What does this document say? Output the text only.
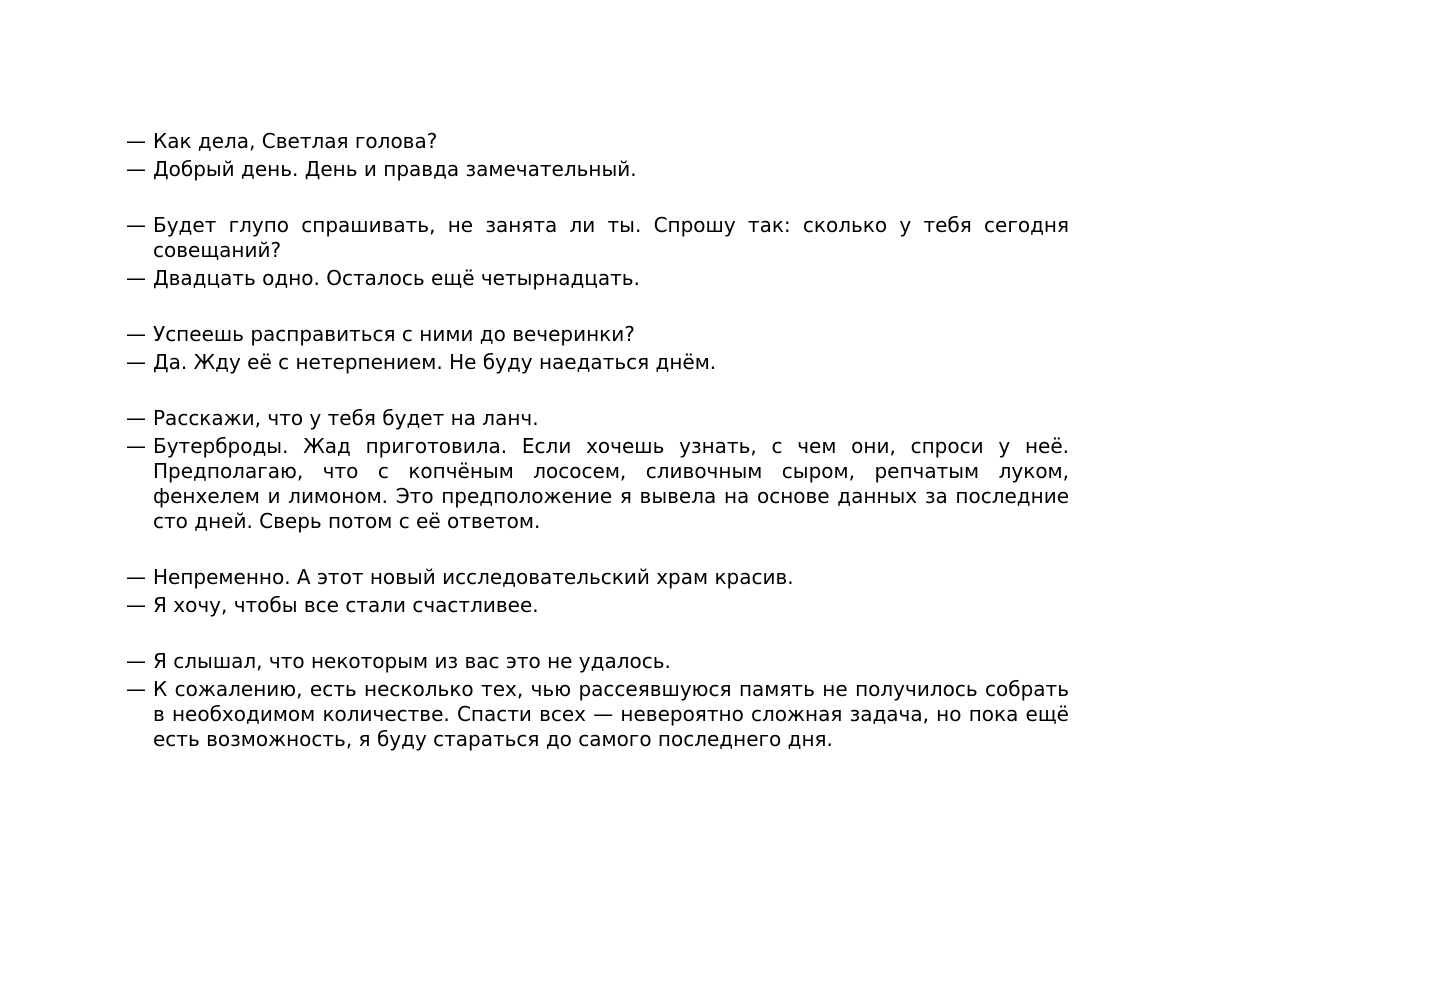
— Как дела, Светлая голова?

— Добрый день. День и правда замечательный.

— Будет глупо спрашивать, не занята ли ты. Спрошу так: сколько у тебя сегодня совещаний?

— Двадцать одно. Осталось ещё четырнадцать.

— Успеешь расправиться с ними до вечеринки?

— Да. Жду её с нетерпением. Не буду наедаться днём.

— Расскажи, что у тебя будет на ланч.

— Бутерброды. Жад приготовила. Если хочешь узнать, с чем они, спроси у неё. Предполагаю, что с копчёным лососем, сливочным сыром, репчатым луком, фенхелем и лимоном. Это предположение я вывела на основе данных за последние сто дней. Сверь потом с её ответом.

— Непременно. А этот новый исследовательский храм красив.

— Я хочу, чтобы все стали счастливее.

— Я слышал, что некоторым из вас это не удалось.

— К сожалению, есть несколько тех, чью рассеявшуюся память не получилось собрать в необходимом количестве. Спасти всех — невероятно сложная задача, но пока ещё есть возможность, я буду стараться до самого последнего дня.
